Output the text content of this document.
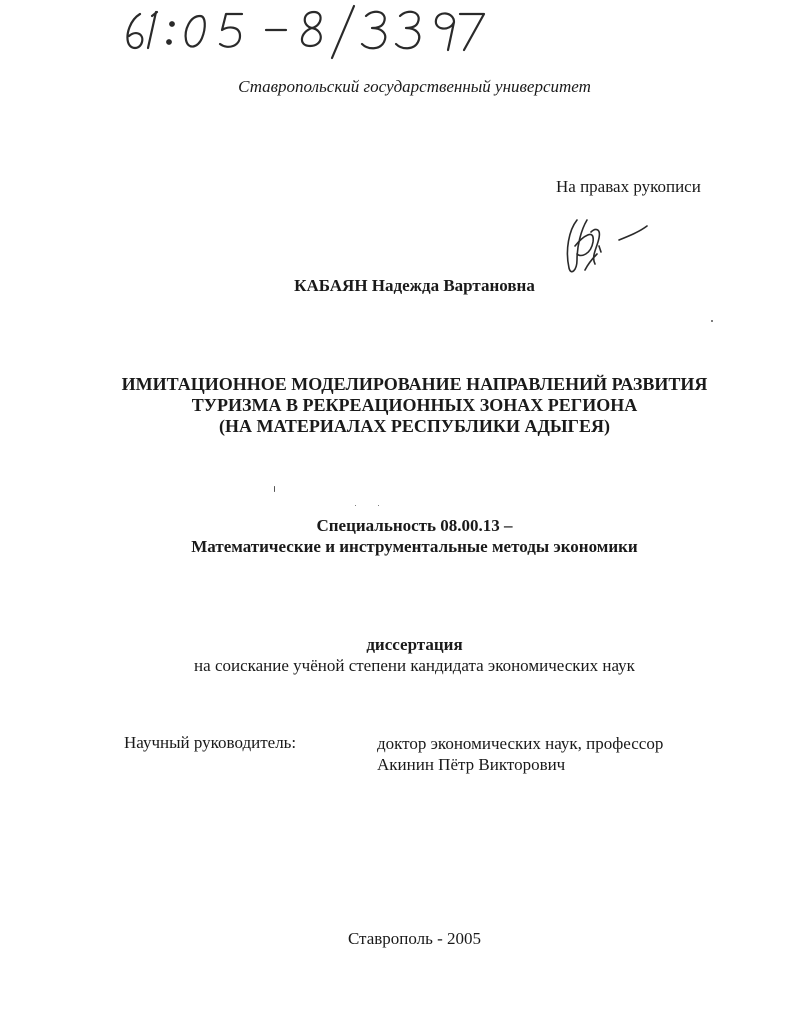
Ставропольский государственный университет
На правах рукописи
КАБАЯН Надежда Вартановна
ИМИТАЦИОННОЕ МОДЕЛИРОВАНИЕ НАПРАВЛЕНИЙ РАЗВИТИЯ
ТУРИЗМА В РЕКРЕАЦИОННЫХ ЗОНАХ РЕГИОНА
(НА МАТЕРИАЛАХ РЕСПУБЛИКИ АДЫГЕЯ)
Специальность 08.00.13 –
Математические и инструментальные методы экономики
диссертация
на соискание учёной степени кандидата экономических наук
Научный руководитель:	доктор экономических наук, профессор
Акинин Пётр Викторович
Ставрополь - 2005
